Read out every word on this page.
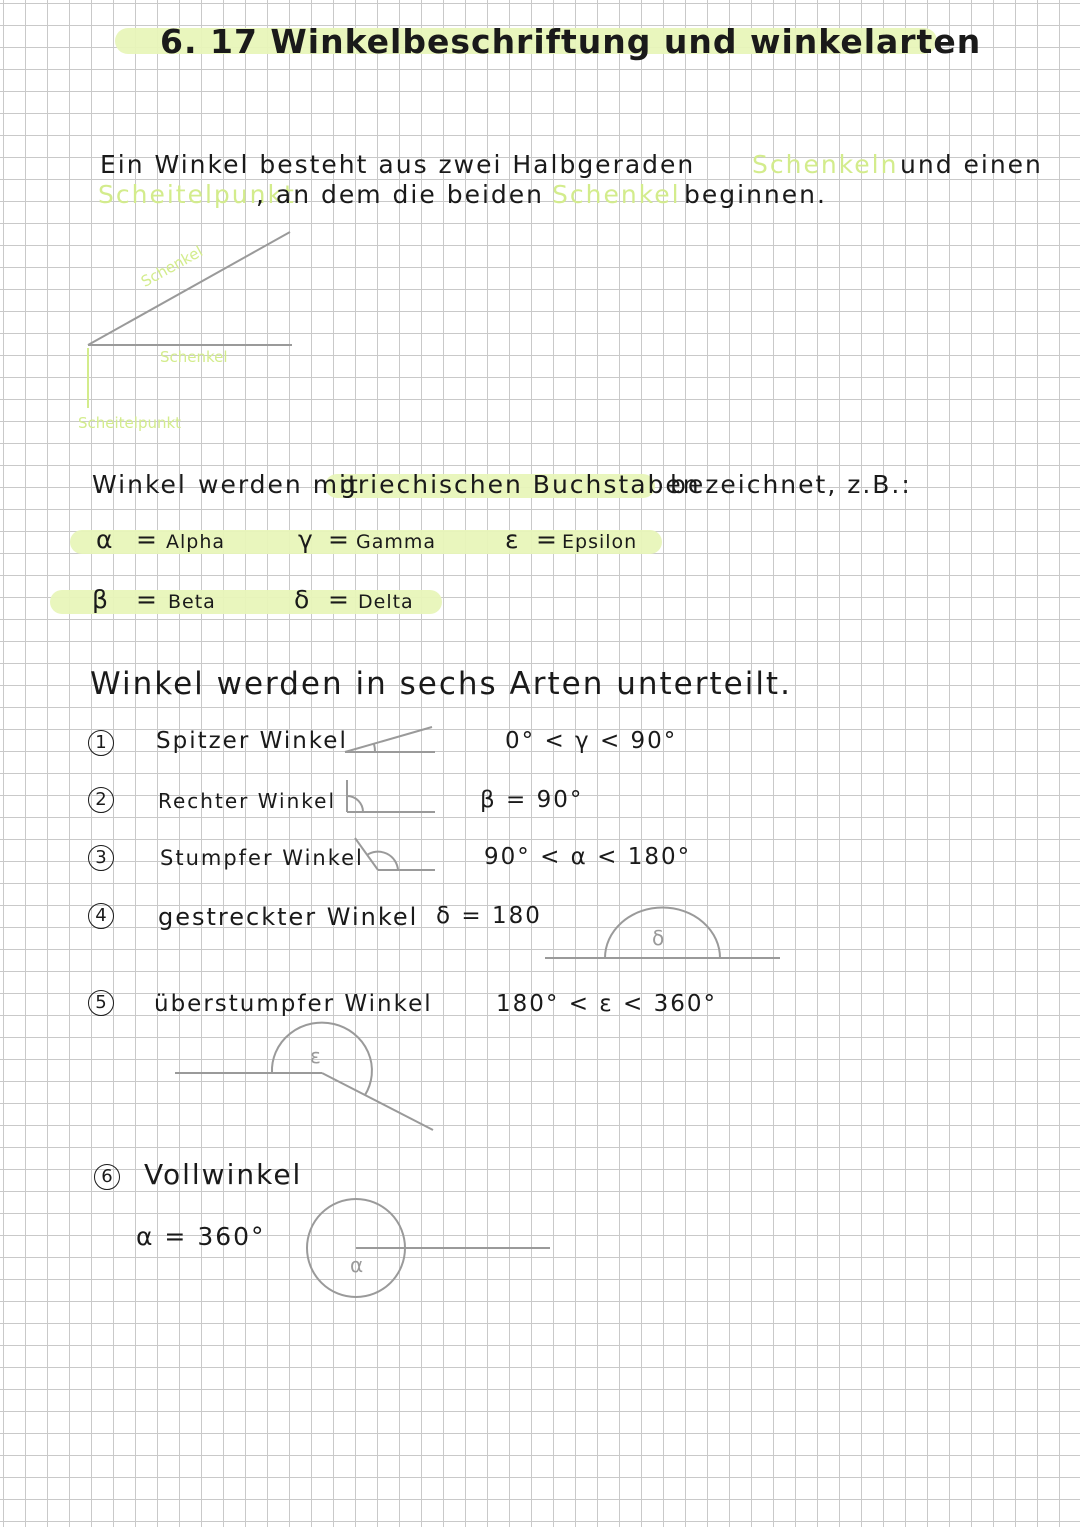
6. 17 Winkelbeschriftung und winkelarten
Ein Winkel besteht aus zwei Halbgeraden Schenkeln und einen
Scheitelpunkt
, an dem die beiden Schenkel beginnen.
Schenkel
Schenkel
Scheitelpunkt
Winkel werden mit
griechischen Buchstaben
bezeichnet, z.B.:
α = Alpha	γ = Gamma	ε = Epsilon
β = Beta	δ = Delta
Winkel werden in sechs Arten unterteilt.
1	Spitzer Winkel	0° < γ < 90°
2	Rechter Winkel	β = 90°
3	Stumpfer Winkel	90° < α < 180°
4	gestreckter Winkel δ = 180
δ
5	überstumpfer Winkel	180° < ε < 360°
ε
6 Vollwinkel
α = 360°
α
